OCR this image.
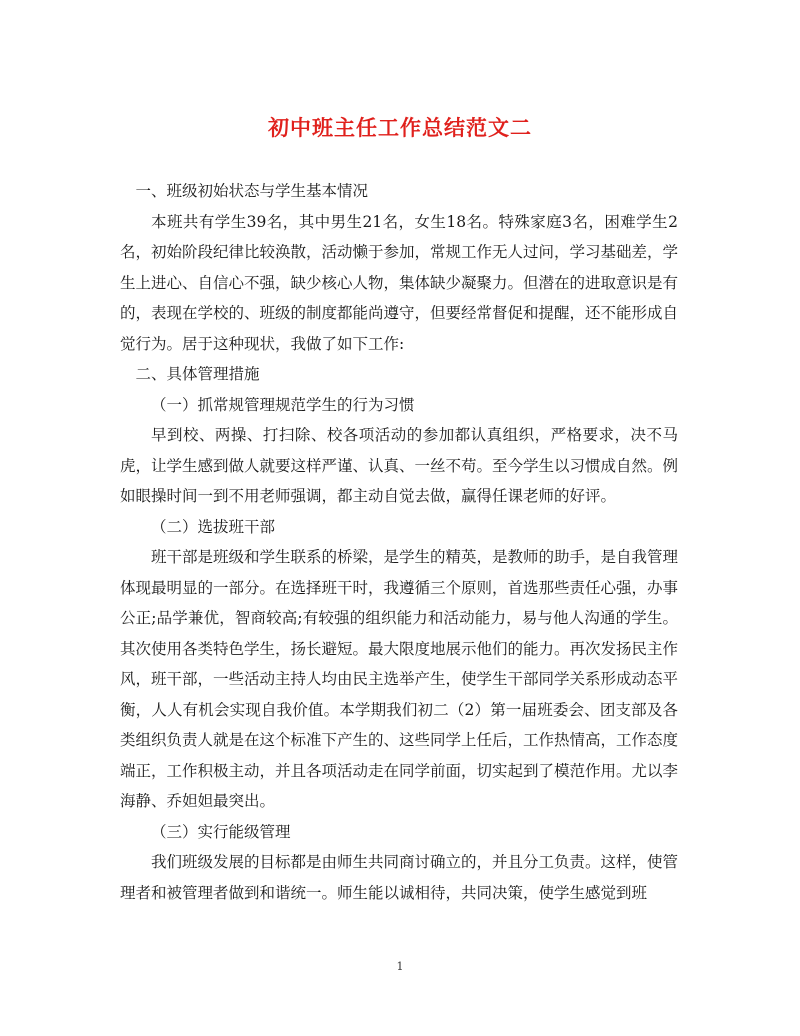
初中班主任工作总结范文二

一、班级初始状态与学生基本情况

本班共有学生39名，其中男生21名，女生18名。特殊家庭3名，困难学生2名，初始阶段纪律比较涣散，活动懒于参加，常规工作无人过问，学习基础差，学生上进心、自信心不强，缺少核心人物，集体缺少凝聚力。但潜在的进取意识是有的，表现在学校的、班级的制度都能尚遵守，但要经常督促和提醒，还不能形成自觉行为。居于这种现状，我做了如下工作:

二、具体管理措施

（一）抓常规管理规范学生的行为习惯

早到校、两操、打扫除、校各项活动的参加都认真组织，严格要求，决不马虎，让学生感到做人就要这样严谨、认真、一丝不苟。至今学生以习惯成自然。例如眼操时间一到不用老师强调，都主动自觉去做，赢得任课老师的好评。

（二）选拔班干部

班干部是班级和学生联系的桥梁，是学生的精英，是教师的助手，是自我管理体现最明显的一部分。在选择班干时，我遵循三个原则，首选那些责任心强，办事公正;品学兼优，智商较高;有较强的组织能力和活动能力，易与他人沟通的学生。其次使用各类特色学生，扬长避短。最大限度地展示他们的能力。再次发扬民主作风，班干部，一些活动主持人均由民主选举产生，使学生干部同学关系形成动态平衡，人人有机会实现自我价值。本学期我们初二（2）第一届班委会、团支部及各类组织负责人就是在这个标准下产生的、这些同学上任后，工作热情高，工作态度端正，工作积极主动，并且各项活动走在同学前面，切实起到了模范作用。尤以李海静、乔妲妲最突出。

（三）实行能级管理

我们班级发展的目标都是由师生共同商讨确立的，并且分工负责。这样，使管理者和被管理者做到和谐统一。师生能以诚相待，共同决策，使学生感觉到班

1
